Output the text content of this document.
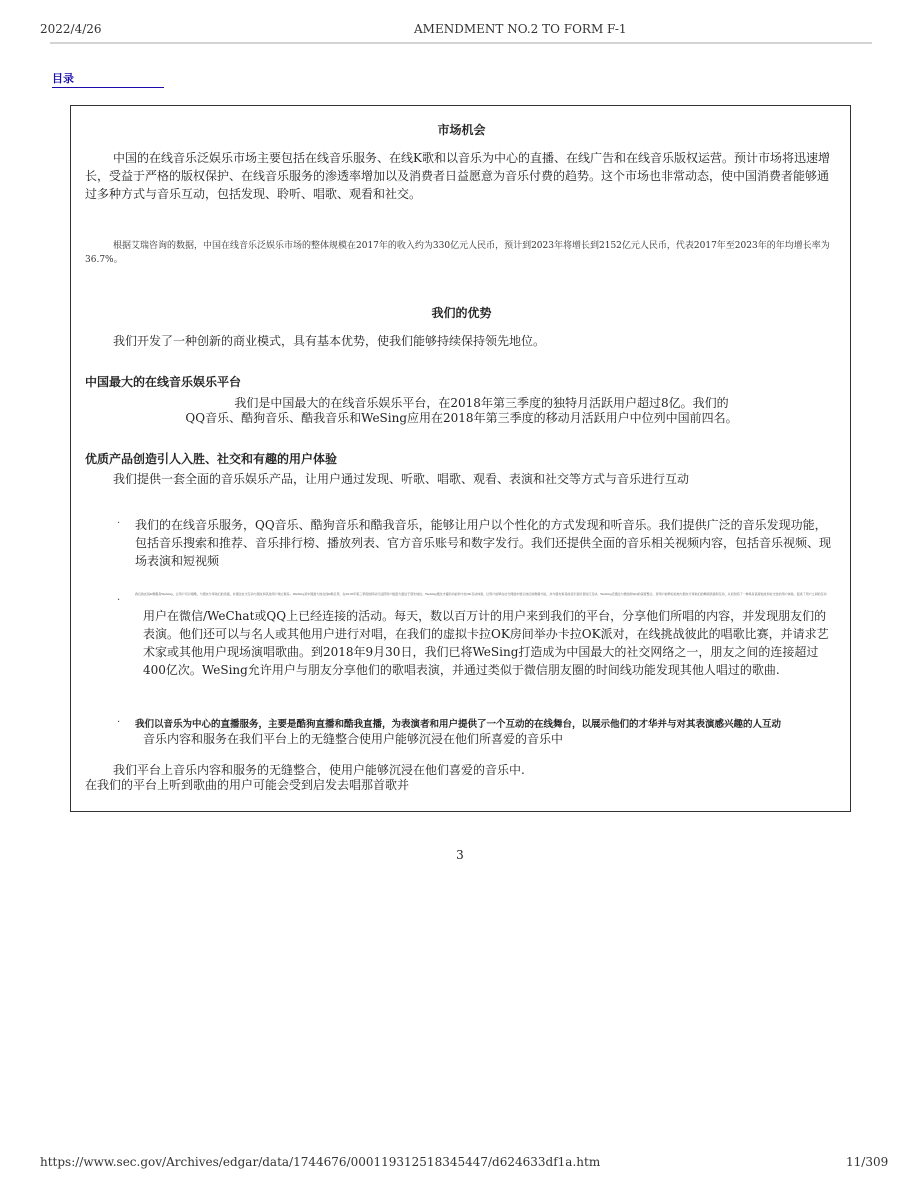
2022/4/26	AMENDMENT NO.2 TO FORM F-1
目录
市场机会

中国的在线音乐泛娱乐市场主要包括在线音乐服务、在线K歌和以音乐为中心的直播、在线广告和在线音乐版权运营。预计市场将迅速增长，受益于严格的版权保护、在线音乐服务的渗透率增加以及消费者日益愿意为音乐付费的趋势。这个市场也非常动态，使中国消费者能够通过多种方式与音乐互动，包括发现、聆听、唱歌、观看和社交。

根据艾瑞咨询的数据，中国在线音乐泛娱乐市场的整体规模在2017年的收入约为330亿元人民币，预计到2023年将增长到2152亿元人民币，代表2017年至2023年的年均增长率为36.7%。

我们的优势

我们开发了一种创新的商业模式，具有基本优势，使我们能够持续保持领先地位。

中国最大的在线音乐娱乐平台

我们是中国最大的在线音乐娱乐平台，在2018年第三季度的独特月活跃用户超过8亿。我们的

QQ音乐、酷狗音乐、酷我音乐和WeSing应用在2018年第三季度的移动月活跃用户中位列中国前四名。

优质产品创造引人入胜、社交和有趣的用户体验

我们提供一套全面的音乐娱乐产品，让用户通过发现、听歌、唱歌、观看、表演和社交等方式与音乐进行互动

· 我们的在线音乐服务，QQ音乐、酷狗音乐和酷我音乐，能够让用户以个性化的方式发现和听音乐。我们提供广泛的音乐发现功能，包括音乐搜索和推荐、音乐排行榜、播放列表、官方音乐账号和数字发行。我们还提供全面的音乐相关视频内容，包括音乐视频、现场表演和短视频

·

我们的在线K歌服务WeSing，让用户可以唱歌，与朋友分享他们的表演，并通过社交互动与朋友和其他用户建立联系。WeSing是中国最大的在线K歌应用，在2018年第三季度的移动月活跃用户数量方面处于领先地位。WeSing通过丰富的功能和卡拉OK互动体验，让用户能够在社交网络中展示他们的歌唱才能，并与朋友和其他音乐爱好者进行互动。WeSing还通过与微信和QQ的深度整合，使用户能够轻松地与朋友分享他们的歌唱表演和互动，从而创造了一种具有高度粘性和社交性的用户体验，促进了用户之间的互动

用户在微信/WeChat或QQ上已经连接的活动。每天，数以百万计的用户来到我们的平台，分享他们所唱的内容，并发现朋友们的表演。他们还可以与名人或其他用户进行对唱，在我们的虚拟卡拉OK房间举办卡拉OK派对，在线挑战彼此的唱歌比赛，并请求艺术家或其他用户现场演唱歌曲。到2018年9月30日，我们已将WeSing打造成为中国最大的社交网络之一，朋友之间的连接超过400亿次。WeSing允许用户与朋友分享他们的歌唱表演，并通过类似于微信朋友圈的时间线功能发现其他人唱过的歌曲.

· 我们以音乐为中心的直播服务，主要是酷狗直播和酷我直播，为表演者和用户提供了一个互动的在线舞台，以展示他们的才华并与对其表演感兴趣的人互动

音乐内容和服务在我们平台上的无缝整合使用户能够沉浸在他们所喜爱的音乐中

我们平台上音乐内容和服务的无缝整合，使用户能够沉浸在他们喜爱的音乐中.

在我们的平台上听到歌曲的用户可能会受到启发去唱那首歌并

3
https://www.sec.gov/Archives/edgar/data/1744676/000119312518345447/d624633df1a.htm	11/309
